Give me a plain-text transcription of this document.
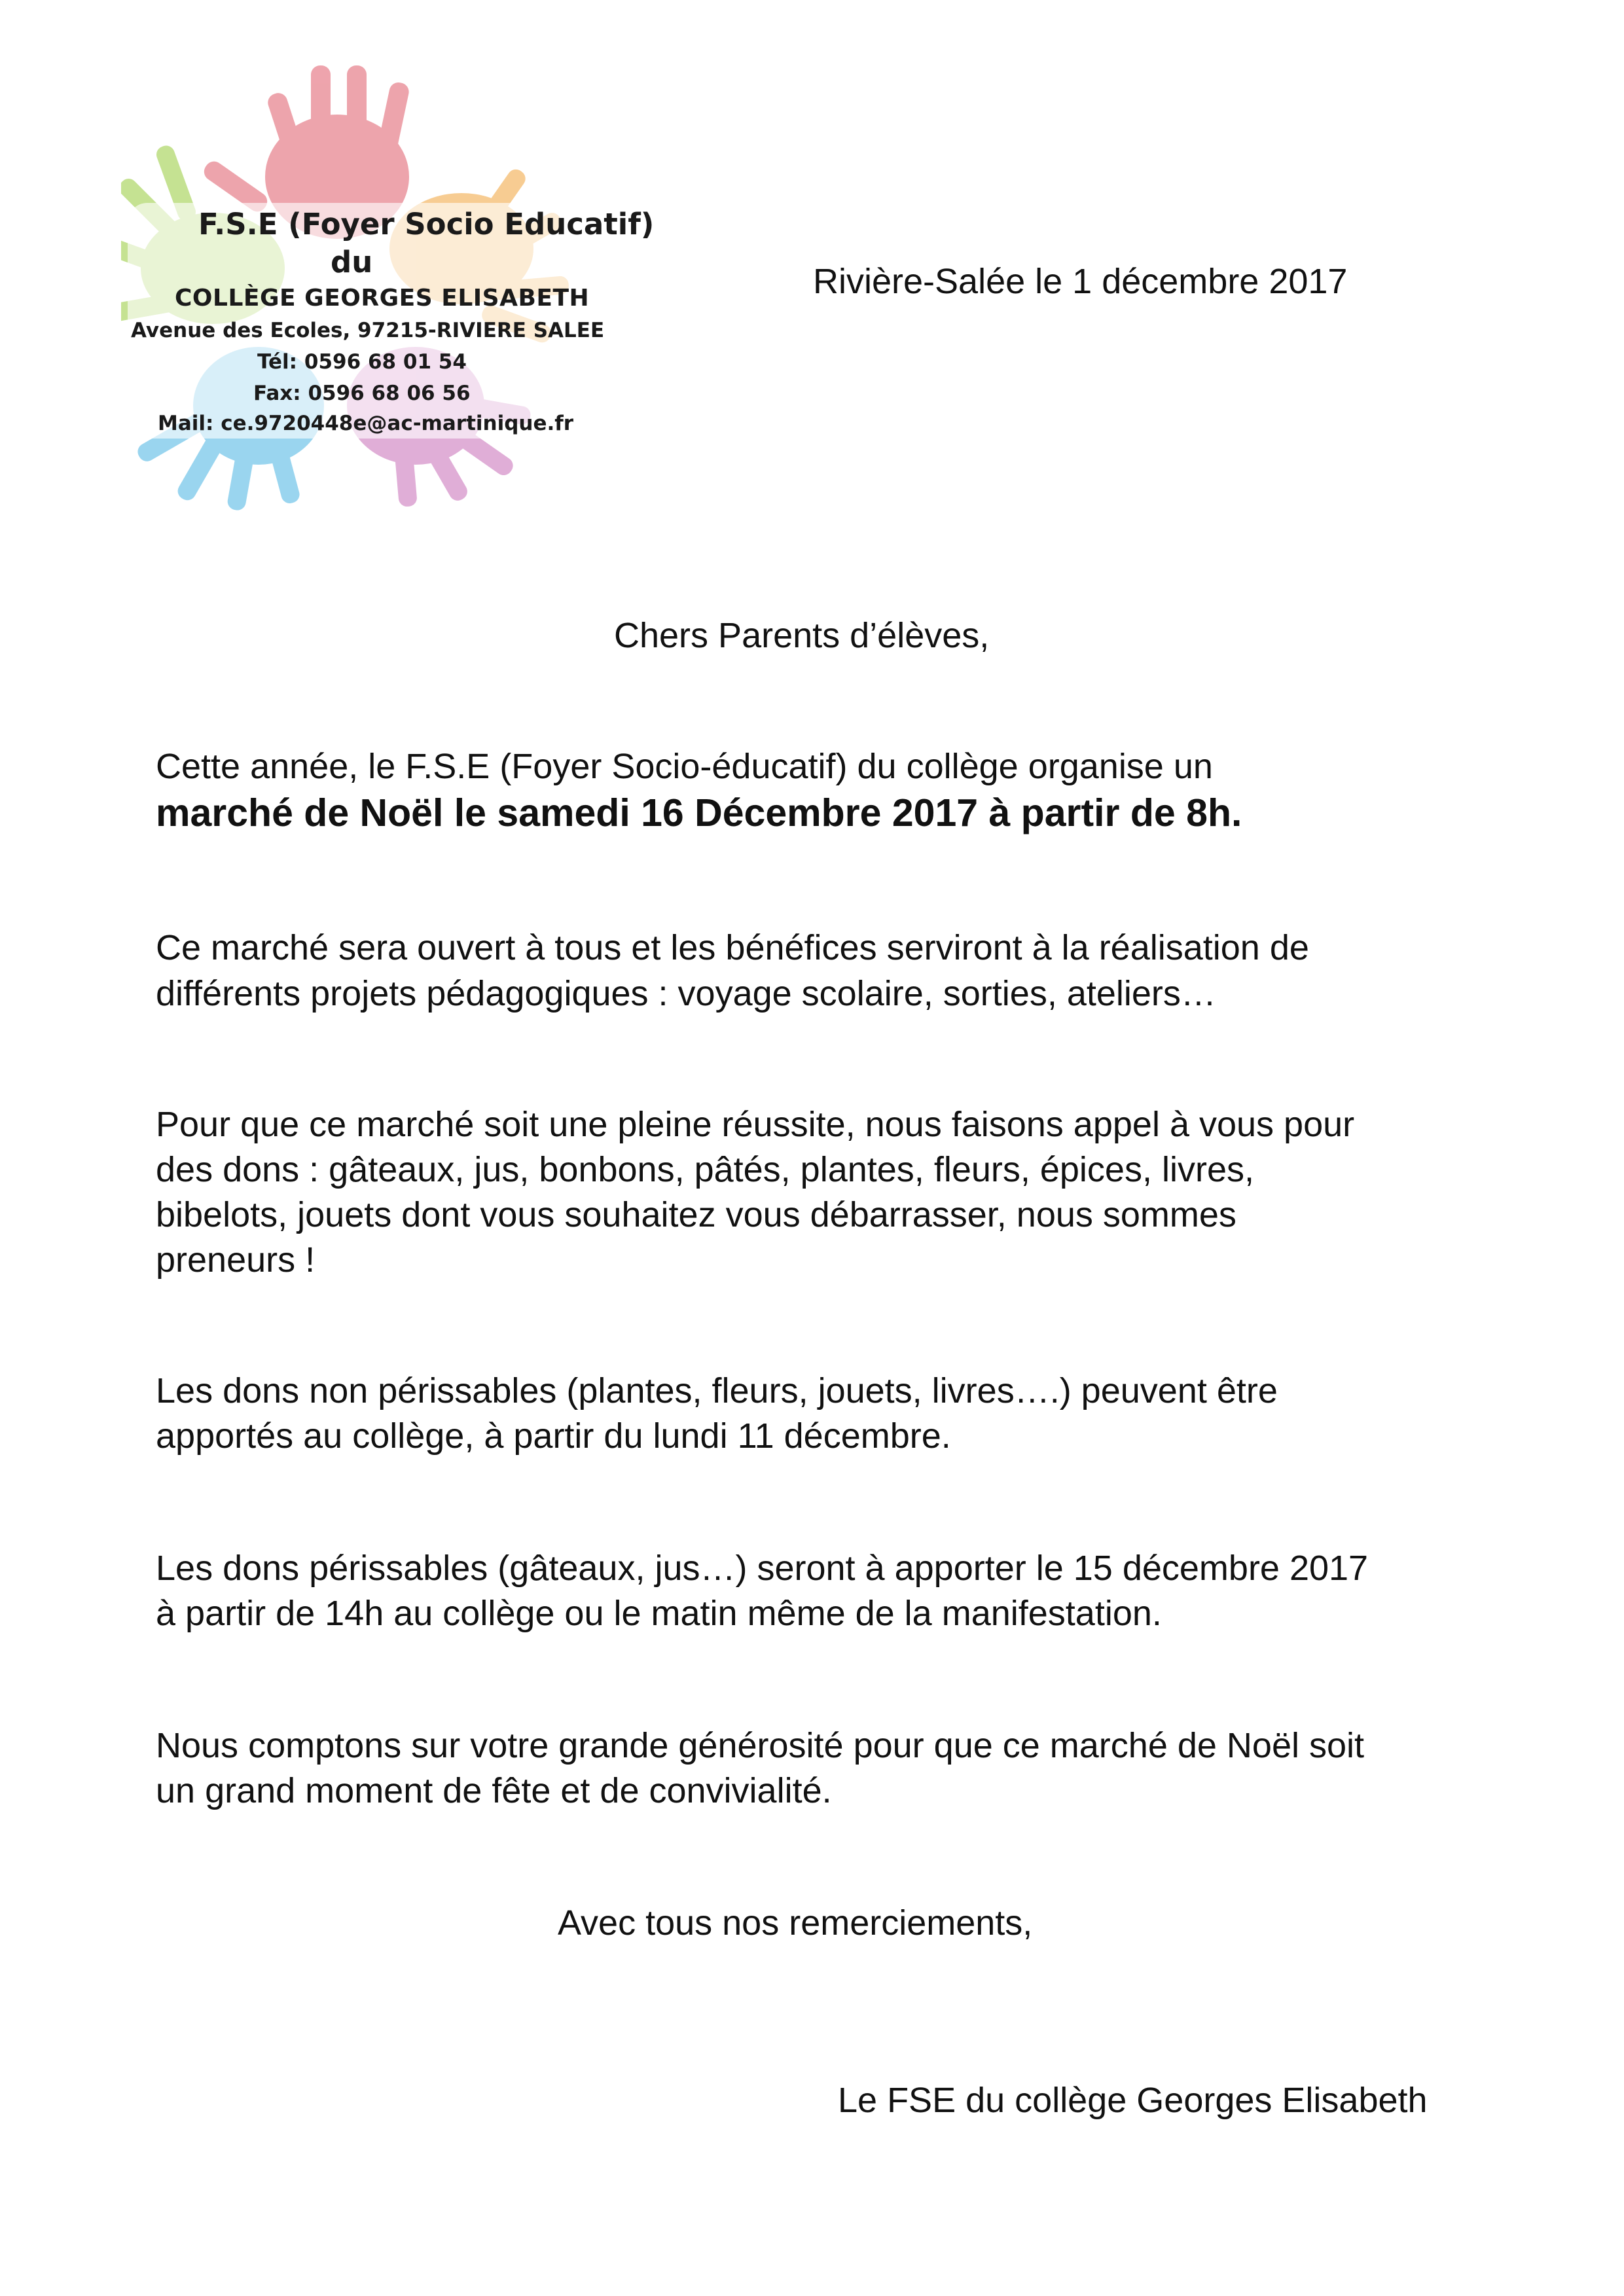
F.S.E (Foyer Socio Educatif)
du
COLLÈGE GEORGES ELISABETH
Avenue des Ecoles, 97215-RIVIERE SALEE
Tél: 0596 68 01 54
Fax: 0596 68 06 56
Mail: ce.9720448e@ac-martinique.fr
Rivière-Salée le 1 décembre 2017
Chers Parents d’élèves,
Cette année, le F.S.E (Foyer Socio-éducatif) du collège organise un
marché de Noël le samedi 16 Décembre 2017 à partir de 8h.
Ce marché sera ouvert à tous et les bénéfices serviront à la réalisation de
différents projets pédagogiques : voyage scolaire, sorties, ateliers…
Pour que ce marché soit une pleine réussite, nous faisons appel à vous pour
des dons : gâteaux, jus, bonbons, pâtés, plantes, fleurs, épices, livres,
bibelots, jouets dont vous souhaitez vous débarrasser, nous sommes
preneurs !
Les dons non périssables (plantes, fleurs, jouets, livres….) peuvent être
apportés au collège, à partir du lundi 11 décembre.
Les dons périssables (gâteaux, jus…) seront à apporter le 15 décembre 2017
à partir de 14h au collège ou le matin même de la manifestation.
Nous comptons sur votre grande générosité pour que ce marché de Noël soit
un grand moment de fête et de convivialité.
Avec tous nos remerciements,
Le FSE du collège Georges Elisabeth
